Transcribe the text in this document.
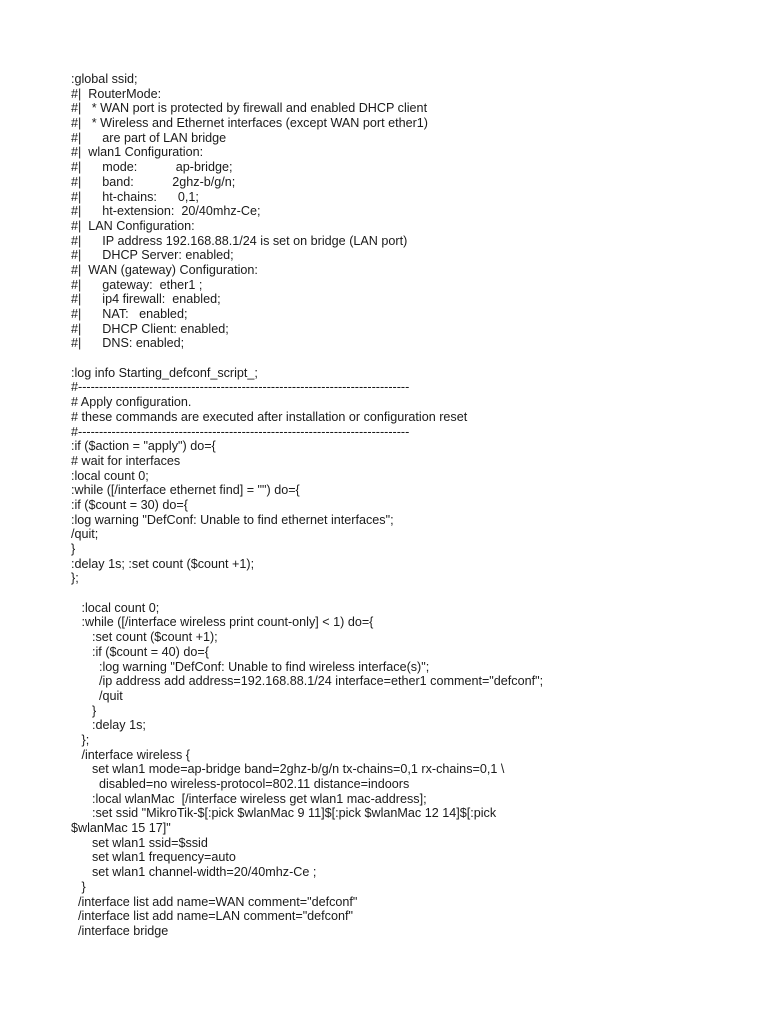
:global ssid;
#|  RouterMode:
#|   * WAN port is protected by firewall and enabled DHCP client
#|   * Wireless and Ethernet interfaces (except WAN port ether1)
#|      are part of LAN bridge
#|  wlan1 Configuration:
#|      mode:           ap-bridge;
#|      band:           2ghz-b/g/n;
#|      ht-chains:      0,1;
#|      ht-extension:  20/40mhz-Ce;
#|  LAN Configuration:
#|      IP address 192.168.88.1/24 is set on bridge (LAN port)
#|      DHCP Server: enabled;
#|  WAN (gateway) Configuration:
#|      gateway:  ether1 ;
#|      ip4 firewall:  enabled;
#|      NAT:   enabled;
#|      DHCP Client: enabled;
#|      DNS: enabled;
:log info Starting_defconf_script_;
#-------------------------------------------------------------------------------
# Apply configuration.
# these commands are executed after installation or configuration reset
#-------------------------------------------------------------------------------
:if ($action = "apply") do={
# wait for interfaces
:local count 0;
:while ([/interface ethernet find] = "") do={
:if ($count = 30) do={
:log warning "DefConf: Unable to find ethernet interfaces";
/quit;
}
:delay 1s; :set count ($count +1);
};
:local count 0;
:while ([/interface wireless print count-only] < 1) do={
:set count ($count +1);
:if ($count = 40) do={
:log warning "DefConf: Unable to find wireless interface(s)";
/ip address add address=192.168.88.1/24 interface=ether1 comment="defconf";
/quit
}
:delay 1s;
};
/interface wireless {
set wlan1 mode=ap-bridge band=2ghz-b/g/n tx-chains=0,1 rx-chains=0,1 \
disabled=no wireless-protocol=802.11 distance=indoors
:local wlanMac  [/interface wireless get wlan1 mac-address];
:set ssid "MikroTik-$[:pick $wlanMac 9 11]$[:pick $wlanMac 12 14]$[:pick
$wlanMac 15 17]"
set wlan1 ssid=$ssid
set wlan1 frequency=auto
set wlan1 channel-width=20/40mhz-Ce ;
}
/interface list add name=WAN comment="defconf"
/interface list add name=LAN comment="defconf"
/interface bridge
